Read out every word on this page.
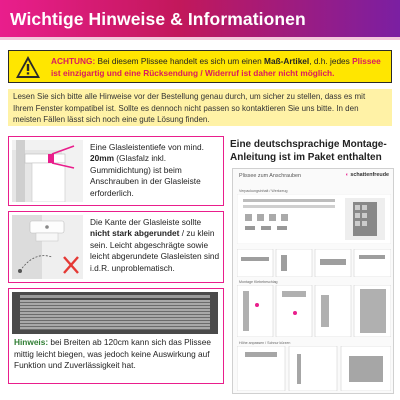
Wichtige Hinweise & Informationen

ACHTUNG: Bei diesem Plissee handelt es sich um einen Maß-Artikel, d.h. jedes Plissee ist einzigartig und eine Rücksendung / Widerruf ist daher nicht möglich.

Lesen Sie sich bitte alle Hinweise vor der Bestellung genau durch, um sicher zu stellen, dass es mit Ihrem Fenster kompatibel ist. Sollte es dennoch nicht passen so kontaktieren Sie uns bitte. In den meisten Fällen lässt sich noch eine gute Lösung finden.
Eine Glasleistentiefe von mind. 20mm (Glasfalz inkl. Gummidichtung) ist beim Anschrauben in der Glasleiste erforderlich.
Die Kante der Glasleiste sollte nicht stark abgerundet / zu klein sein. Leicht abgeschrägte sowie leicht abgerundete Glasleisten sind i.d.R. unproblematisch.
Hinweis: bei Breiten ab 120cm kann sich das Plissee mittig leicht biegen, was jedoch keine Auswirkung auf Funktion und Zuverlässigkeit hat.
Eine deutschsprachige Montage-Anleitung ist im Paket enthalten
Plissee zum Anschrauben	◐ schattenfreude
Verpackungsinhalt / Werkzeug
Montage Klebebeschlag
Höhe anpassen / Schnur kürzen
